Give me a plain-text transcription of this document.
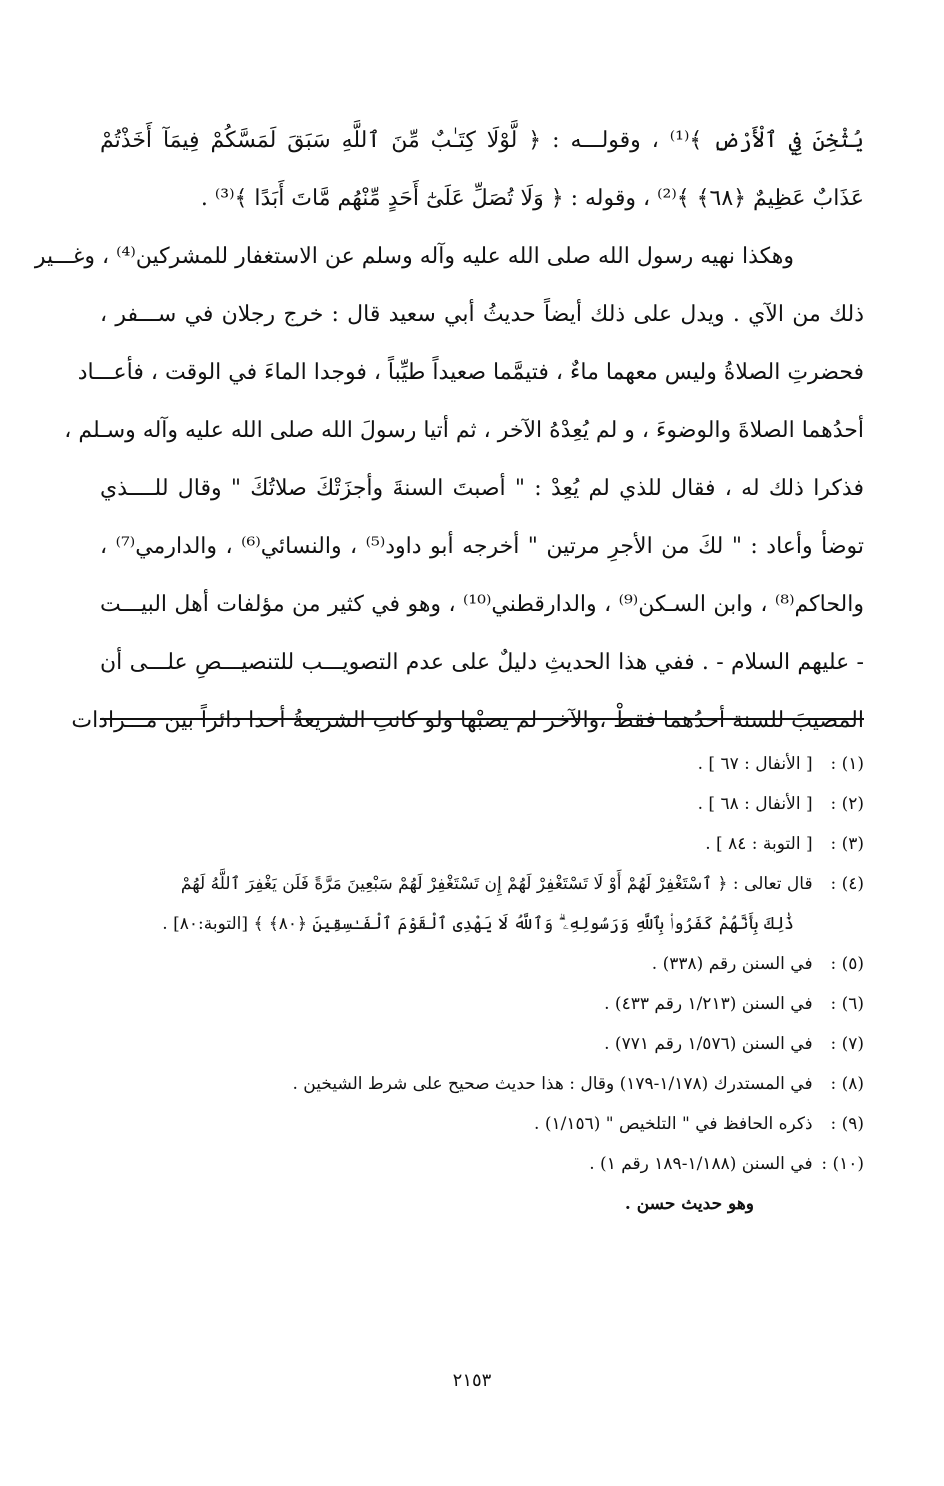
يُثْخِنَ فِي ٱلْأَرْضِ ﴾⁽¹⁾ ، وقولـــه : ﴿ لَّوْلَا كِتَـٰبٌ مِّنَ ٱللَّهِ سَبَقَ لَمَسَّكُمْ فِيمَآ أَخَذْتُمْ
عَذَابٌ عَظِيمٌ ﴿٦٨﴾ ﴾⁽²⁾ ، وقوله : ﴿ وَلَا تُصَلِّ عَلَىٰٓ أَحَدٍ مِّنْهُم مَّاتَ أَبَدًا ﴾⁽³⁾ .
وهكذا نهيه رسول الله صلى الله عليه وآله وسلم عن الاستغفار للمشركين⁽⁴⁾ ، وغـــير
ذلك من الآي . ويدل على ذلك أيضاً حديثُ أبي سعيد قال : خرج رجلان في ســـفر ،
فحضرتِ الصلاةُ وليس معهما ماءٌ ، فتيمَّما صعيداً طيِّباً ، فوجدا الماءَ في الوقت ، فأعـــاد
أحدُهما الصلاةَ والوضوءَ ، و لم يُعِدْهُ الآخر ، ثم أتيا رسولَ الله صلى الله عليه وآله وسـلم ،
فذكرا ذلك له ، فقال للذي لم يُعِدْ : " أصبتَ السنةَ وأجزَتْكَ صلاتُكَ " وقال للــــذي
توضأ وأعاد : " لكَ من الأجرِ مرتين " أخرجه أبو داود⁽⁵⁾ ، والنسائي⁽⁶⁾ ، والدارمي⁽⁷⁾ ،
والحاكم⁽⁸⁾ ، وابن السـكن⁽⁹⁾ ، والدارقطني⁽¹⁰⁾ ، وهو في كثير من مؤلفات أهل البيـــت
- عليهم السلام - . ففي هذا الحديثِ دليلٌ على عدم التصويـــب للتنصيـــصِ علـــى أن
المصيبَ للسنة أحدُهما فقطْ ،والآخر لم يصبْها ولو كانتِ الشريعةُ أحدا دائراً بين مـــرادات
(١) : [ الأنفال : ٦٧ ] .
(٢) : [ الأنفال : ٦٨ ] .
(٣) : [ التوبة : ٨٤ ] .
(٤) : قال تعالى : ﴿ ٱسْتَغْفِرْ لَهُمْ أَوْ لَا تَسْتَغْفِرْ لَهُمْ إِن تَسْتَغْفِرْ لَهُمْ سَبْعِينَ مَرَّةً فَلَن يَغْفِرَ ٱللَّهُ لَهُمْ
ذَٰلِكَ بِأَنَّهُمْ كَفَرُوا۟ بِٱللَّهِ وَرَسُولِهِۦ ۗ وَٱللَّهُ لَا يَهْدِى ٱلْقَوْمَ ٱلْفَـٰسِقِينَ ﴿٨٠﴾ ﴾ [التوبة:٨٠] .
(٥) : في السنن رقم (٣٣٨) .
(٦) : في السنن (١/٢١٣ رقم ٤٣٣) .
(٧) : في السنن (١/٥٧٦ رقم ٧٧١) .
(٨) : في المستدرك (١/١٧٨-١٧٩) وقال : هذا حديث صحيح على شرط الشيخين .
(٩) : ذكره الحافظ في " التلخيص " (١/١٥٦) .
(١٠) : في السنن (١/١٨٨-١٨٩ رقم ١) .
وهو حديث حسن .
٢١٥٣
